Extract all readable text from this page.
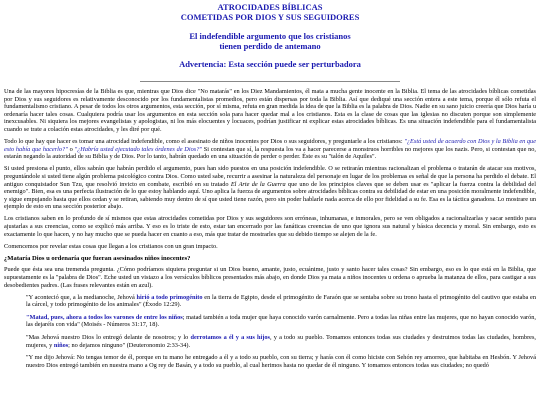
ATROCIDADES BÍBLICAS
COMETIDAS POR DIOS Y SUS SEGUIDORES
El indefendible argumento que los cristianos
tienen perdido de antemano
Advertencia: Esta sección puede ser perturbadora

Una de las mayores hipocresías de la Biblia es que, mientras que Dios dice "No matarás" en los Diez Mandamientos, él mata a mucha gente inocente en la Biblia. El tema de las atrocidades bíblicas cometidas por Dios y sus seguidores es relativamente desconocido por los fundamentalistas promedios, pero están dispersas por toda la Biblia. Así que dediqué una sección entera a este tema, porque él sólo refuta el fundamentalismo cristiano. A pesar de todos los otros argumentos, esta sección, por sí misma, refuta en gran medida la idea de que la Biblia es la palabra de Dios. Nadie en su sano juicio creería que Dios haría u ordenaría hacer tales cosas. Cualquiera podría usar los argumentos en esta sección sola para hacer quedar mal a los cristianos. Esta es la clase de cosas que las iglesias no discuten porque son simplemente inexcusables. Ni siquiera los mejores evangelistas y apologistas, ni los más elocuentes y locuaces, podrían justificar ni explicar estas atrocidades bíblicas. Es una situación indefendible para el fundamentalista cuando se trate a colación estas atrocidades, y les diré por qué.

Todo lo que hay que hacer es tomar una atrocidad indefendible, como el asesinato de niños inocentes por Dios o sus seguidores, y preguntarle a los cristianos: "¿Está usted de acuerdo con Dios y la Biblia en que esto había que hacerlo?" o "¿Habría usted ejecutado tales órdenes de Dios?" Si contestan que sí, la respuesta los va a hacer parecerse a monstruos horribles no mejores que los nazis. Pero, si contestan que no, estarán negando la autoridad de su Biblia y de Dios. Por lo tanto, habrán quedado en una situación de perder o perder. Éste es su "talón de Aquiles".

Si usted presiona el punto, ellos sabrán que habrán perdido el argumento, pues han sido puestos en una posición indefendible. O se retirarán mientras racionalizan el problema o tratarán de atacar sus motivos, preguntándole si usted tiene algún problema psicológico contra Dios. Como usted sabe, recurrir a asesinar la naturaleza del personaje en lugar de los problemas es señal de que la persona ha perdido el debate. El antiguo conquistador Sun Tzu, que resolvió invicto en combate, escribió en su tratado El Arte de la Guerra que uno de los principios claves que se deben usar es "aplicar la fuerza contra la debilidad del enemigo". Bien, esa es una perfecta ilustración de lo que estoy hablando aquí. Uno aplica la fuerza de argumentos sobre atrocidades bíblicas contra su debilidad de estar en una posición moralmente indefendible, y sigue empujando hasta que ellos cedan y se retiran, sabiendo muy dentro de sí que usted tiene razón, pero sin poder hablarle nada acerca de ello por fidelidad a su fe. Esa es la táctica ganadora. Lo mostrare un ejemplo de esto en una sección posterior abajo.

Los cristianos saben en lo profundo de sí mismos que estas atrocidades cometidas por Dios y sus seguidores son erróneas, inhumanas, e inmorales, pero se ven obligados a racionalizarlas y sacar sentido para ajustarlas a sus creencias, como se explicó más arriba. Y eso es lo triste de esto, estar tan encerrado por las fanáticas creencias de uno que ignora sus natural y básica decencia y moral. Sin embargo, esto es exactamente lo que hacen, y no hay mucho que se pueda hacer en cuanto a eso, más que tratar de mostrarles que su debido tiempo se alejen de la fe.

Comencemos por revelar estas cosas que llegan a los cristianos con un gran impacto.

¿Mataría Dios u ordenaría que fueran asesinados niños inocentes?

Puede que ésta sea una tremenda pregunta. ¿Cómo podríamos siquiera preguntar si un Dios bueno, amante, justo, ecuánime, justo y santo hacer tales cosas? Sin embargo, eso es lo que está en la Biblia, que supuestamente es la "palabra de Dios". Eche usted un vistazo a los versículos bíblicos presentados más abajo, en donde Dios ya mata a niños inocentes u ordena o aprueba la matanza de ellos, para castigar a sus desobedientes padres. (Las frases relevantes están en azul).

"Y aconteció que, a la medianoche, Jehová hirió a todo primogénito en la tierra de Egipto, desde el primogénito de Faraón que se sentaba sobre su trono hasta el primogénito del cautivo que estaba en la cárcel, y todo primogénito de los animales" (Éxodo 12:29).

"Matad, pues, ahora a todos los varones de entre los niños; matad también a toda mujer que haya conocido varón carnalmente. Pero a todas las niñas entre las mujeres, que no hayan conocido varón, las dejaréis con vida" (Moisés - Números 31:17, 18).

"Mas Jehová nuestro Dios lo entregó delante de nosotros; y lo derrotamos a él y a sus hijos, y a todo su pueblo. Tomamos entonces todas sus ciudades y destruimos todas las ciudades, hombres, mujeres, y niños; no dejamos ninguno" (Deuteronomio 2:33-34).

"Y me dijo Jehová: No tengas temor de él, porque en tu mano he entregado a él y a todo su pueblo, con su tierra; y harás con él como hiciste con Sehón rey amorreo, que habitaba en Hesbón. Y Jehová nuestro Dios entregó también en nuestra mano a Og rey de Basán, y a todo su pueblo, al cual herimos hasta no quedar de él ninguno. Y tomamos entonces todas sus ciudades; no quedó
